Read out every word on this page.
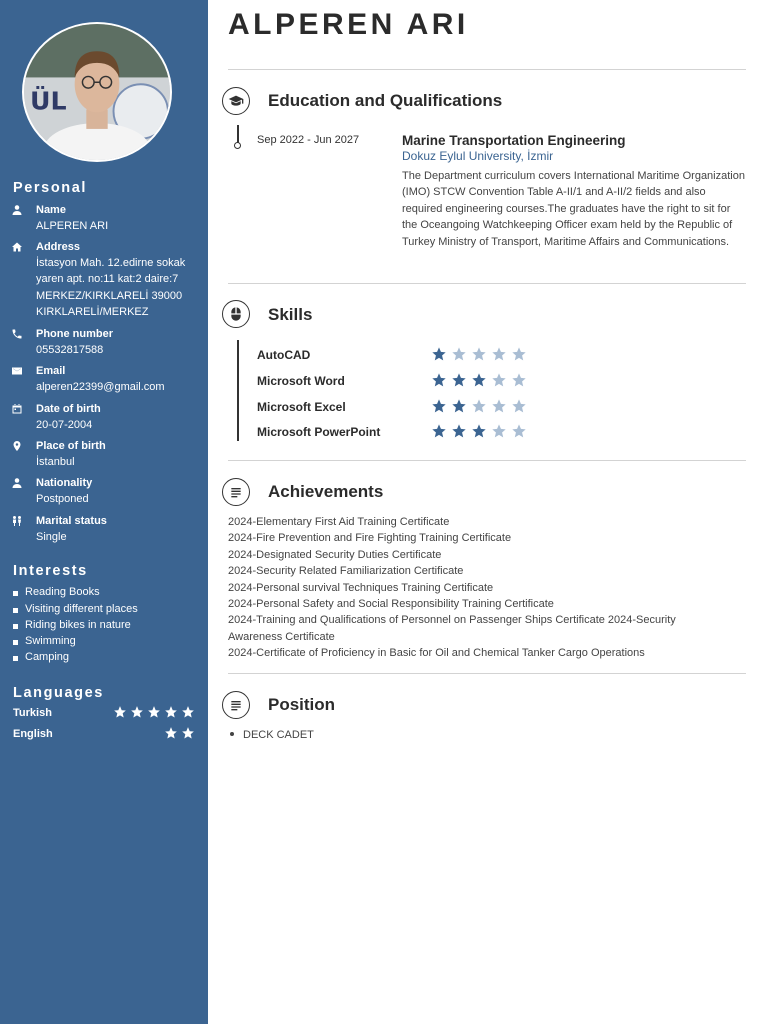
ÜL
Personal
Name
ALPEREN ARI
Address
İstasyon Mah. 12.edirne sokak yaren apt. no:11 kat:2 daire:7 MERKEZ/KIRKLARELİ 39000 KIRKLARELİ/MERKEZ
Phone number
05532817588
Email
alperen22399@gmail.com
Date of birth
20-07-2004
Place of birth
İstanbul
Nationality
Postponed
Marital status
Single
Interests
Reading Books
Visiting different places
Riding bikes in nature
Swimming
Camping
Languages
Turkish
English
ALPEREN ARI
Education and Qualifications
Sep 2022 - Jun 2027	Marine Transportation Engineering
Dokuz Eylul University, İzmir
The Department curriculum covers International Maritime Organization (IMO) STCW Convention Table A-II/1 and A-II/2 fields and also required engineering courses.The graduates have the right to sit for the Oceangoing Watchkeeping Officer exam held by the Republic of Turkey Ministry of Transport, Maritime Affairs and Communications.
Skills
AutoCAD
Microsoft Word
Microsoft Excel
Microsoft PowerPoint
Achievements
2024-Elementary First Aid Training Certificate
2024-Fire Prevention and Fire Fighting Training Certificate
2024-Designated Security Duties Certificate
2024-Security Related Familiarization Certificate
2024-Personal survival Techniques Training Certificate
2024-Personal Safety and Social Responsibility Training Certificate
2024-Training and Qualifications of Personnel on Passenger Ships Certificate 2024-Security Awareness Certificate
2024-Certificate of Proficiency in Basic for Oil and Chemical Tanker Cargo Operations
Position
DECK CADET
